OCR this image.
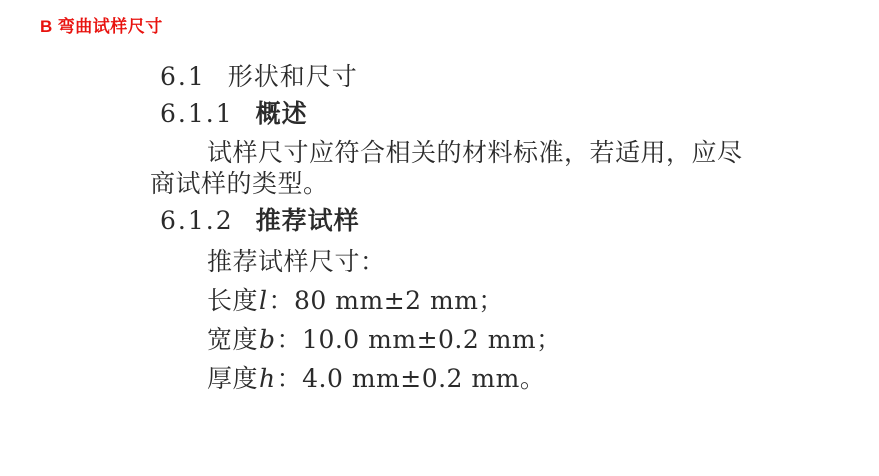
B 弯曲试样尺寸
6.1 形状和尺寸
6.1.1 概述
试样尺寸应符合相关的材料标准，若适用，应尽
商试样的类型。
6.1.2 推荐试样
推荐试样尺寸：
长度l：80 mm±2 mm；
宽度b：10.0 mm±0.2 mm；
厚度h：4.0 mm±0.2 mm。
